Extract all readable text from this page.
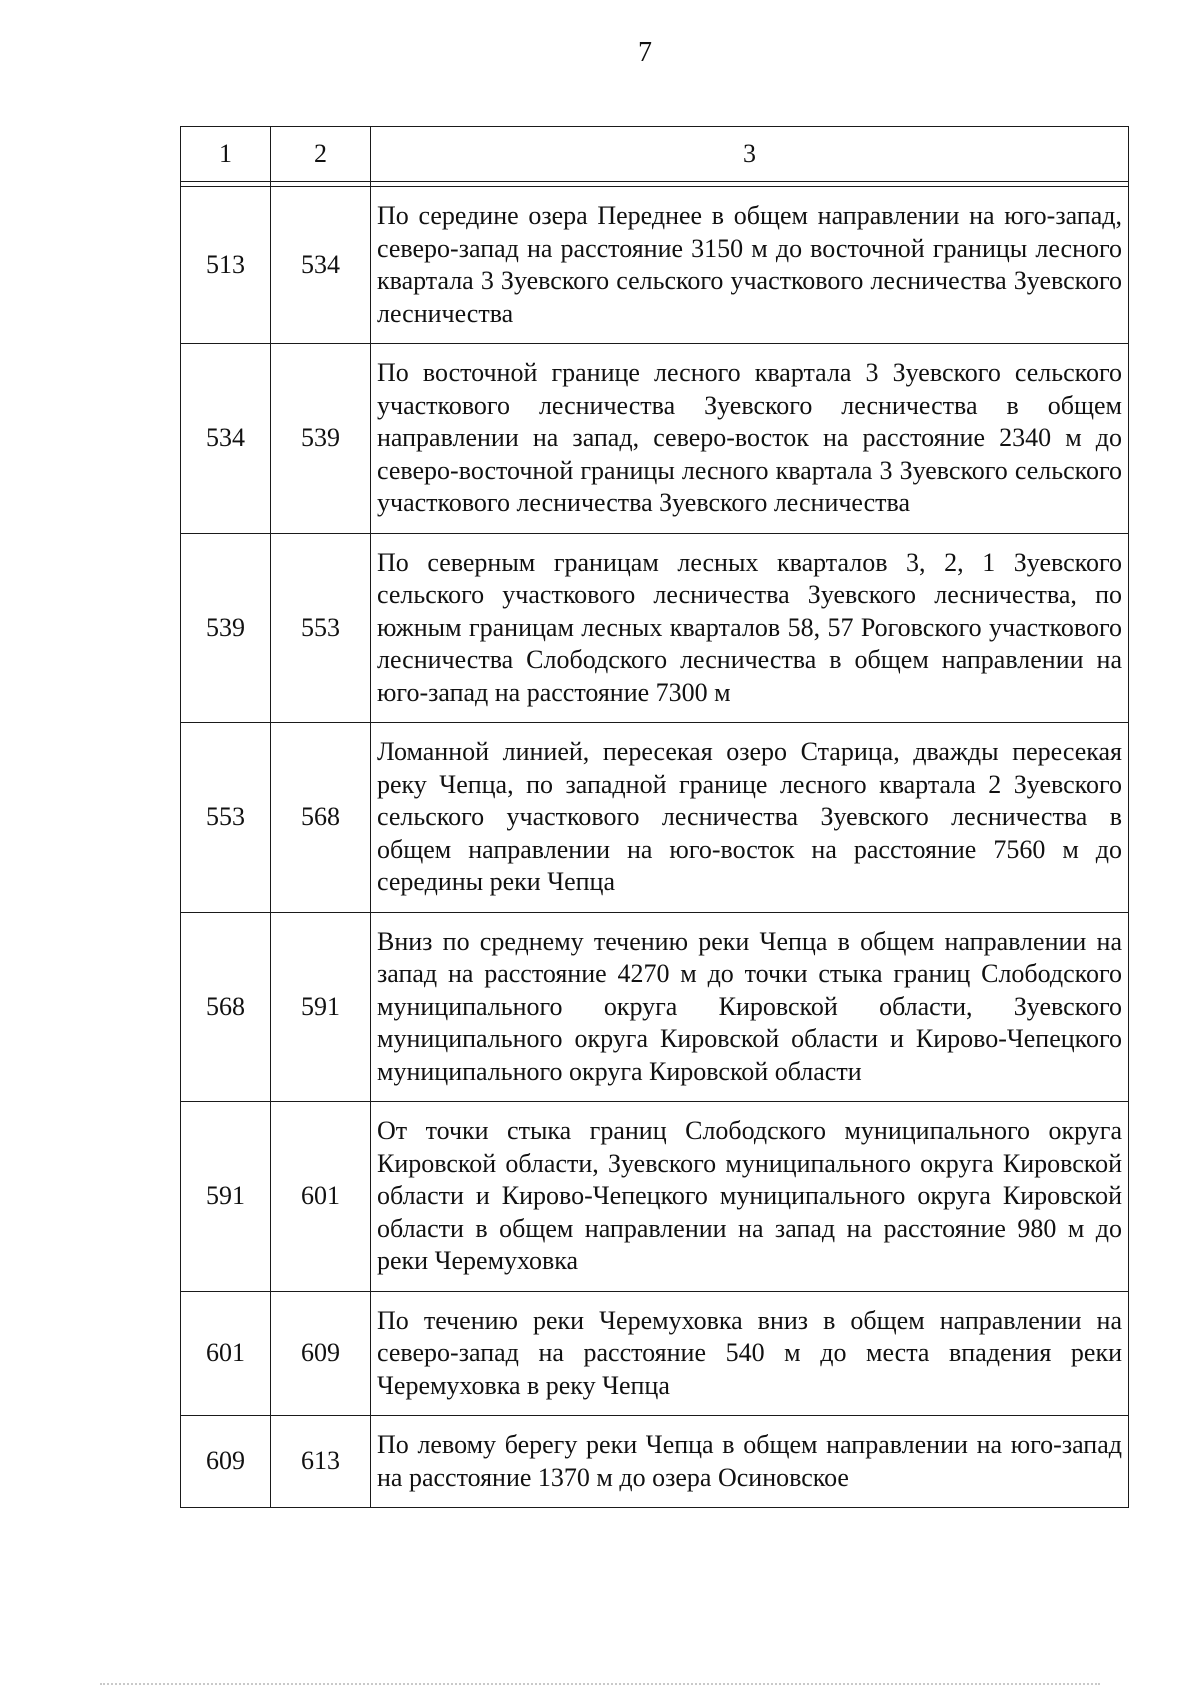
7
1	2	3

513	534	По середине озера Переднее в общем направлении на юго-запад, северо-запад на расстояние 3150 м до восточной границы лесного квартала 3 Зуевского сельского участкового лесничества Зуевского лесничества
534	539	По восточной границе лесного квартала 3 Зуевского сельского участкового лесничества Зуевского лесничества в общем направлении на запад, северо-восток на расстояние 2340 м до северо-восточной границы лесного квартала 3 Зуевского сельского участкового лесничества Зуевского лесничества
539	553	По северным границам лесных кварталов 3, 2, 1 Зуевского сельского участкового лесничества Зуевского лесничества, по южным границам лесных кварталов 58, 57 Роговского участкового лесничества Слободского лесничества в общем направлении на юго-запад на расстояние 7300 м
553	568	Ломанной линией, пересекая озеро Старица, дважды пересекая реку Чепца, по западной границе лесного квартала 2 Зуевского сельского участкового лесничества Зуевского лесничества в общем направлении на юго-восток на расстояние 7560 м до середины реки Чепца
568	591	Вниз по среднему течению реки Чепца в общем направлении на запад на расстояние 4270 м до точки стыка границ Слободского муниципального округа Кировской области, Зуевского муниципального округа Кировской области и Кирово-Чепецкого муниципального округа Кировской области
591	601	От точки стыка границ Слободского муниципального округа Кировской области, Зуевского муниципального округа Кировской области и Кирово-Чепецкого муниципального округа Кировской области в общем направлении на запад на расстояние 980 м до реки Черемуховка
601	609	По течению реки Черемуховка вниз в общем направлении на северо-запад на расстояние 540 м до места впадения реки Черемуховка в реку Чепца
609	613	По левому берегу реки Чепца в общем направлении на юго-запад на расстояние 1370 м до озера Осиновское
